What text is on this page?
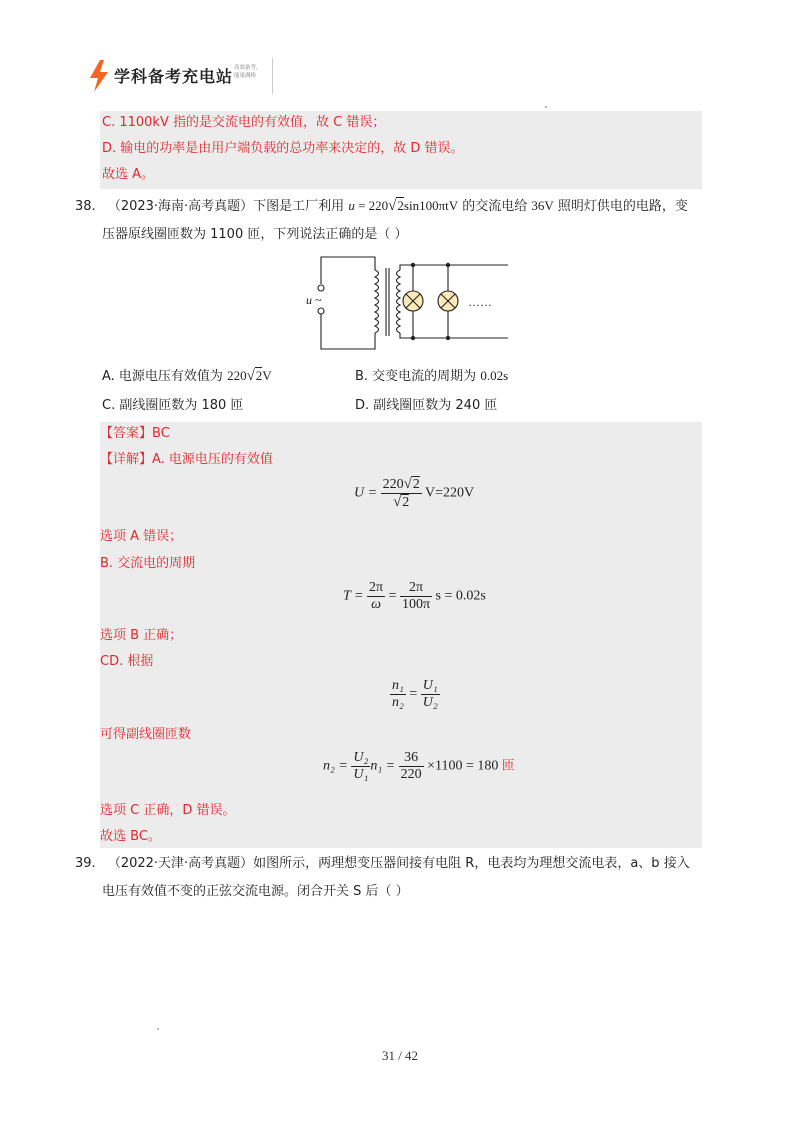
学科备考充电站 高效备考,
能量满格
C. 1100kV 指的是交流电的有效值，故 C 错误；
D. 输电的功率是由用户端负载的总功率来决定的，故 D 错误。
故选 A。
38. （2023·海南·高考真题）下图是工厂利用 u = 220√2sin100πtV 的交流电给 36V 照明灯供电的电路，变
压器原线圈匝数为 1100 匝，下列说法正确的是（ ）
u ~	……
A. 电源电压有效值为 220√2V	B. 交变电流的周期为 0.02s
C. 副线圈匝数为 180 匝	D. 副线圈匝数为 240 匝
【答案】BC
【详解】A. 电源电压的有效值
$U = \frac{220√2}{√2} V=220V$
选项 A 错误；
B. 交流电的周期
$T = \frac{2\pi}{\omega} = \frac{2\pi}{100\pi}$ s = 0.02s
选项 B 正确；
CD. 根据
$\frac{\text{n₁}}{\text{n₂}} = \frac{\text{U₁}}{\text{U₂}}$
可得副线圈匝数
$n_2 = \frac{\text{U₂}}{\text{U₁}} n_1 = \frac{36}{220} \times 1100 = 180$ 匝
选项 C 正确，D 错误。
故选 BC。
39. （2022·天津·高考真题）如图所示，两理想变压器间接有电阻 R，电表均为理想交流电表，a、b 接入
电压有效值不变的正弦交流电源。闭合开关 S 后（ ）
31 / 42
